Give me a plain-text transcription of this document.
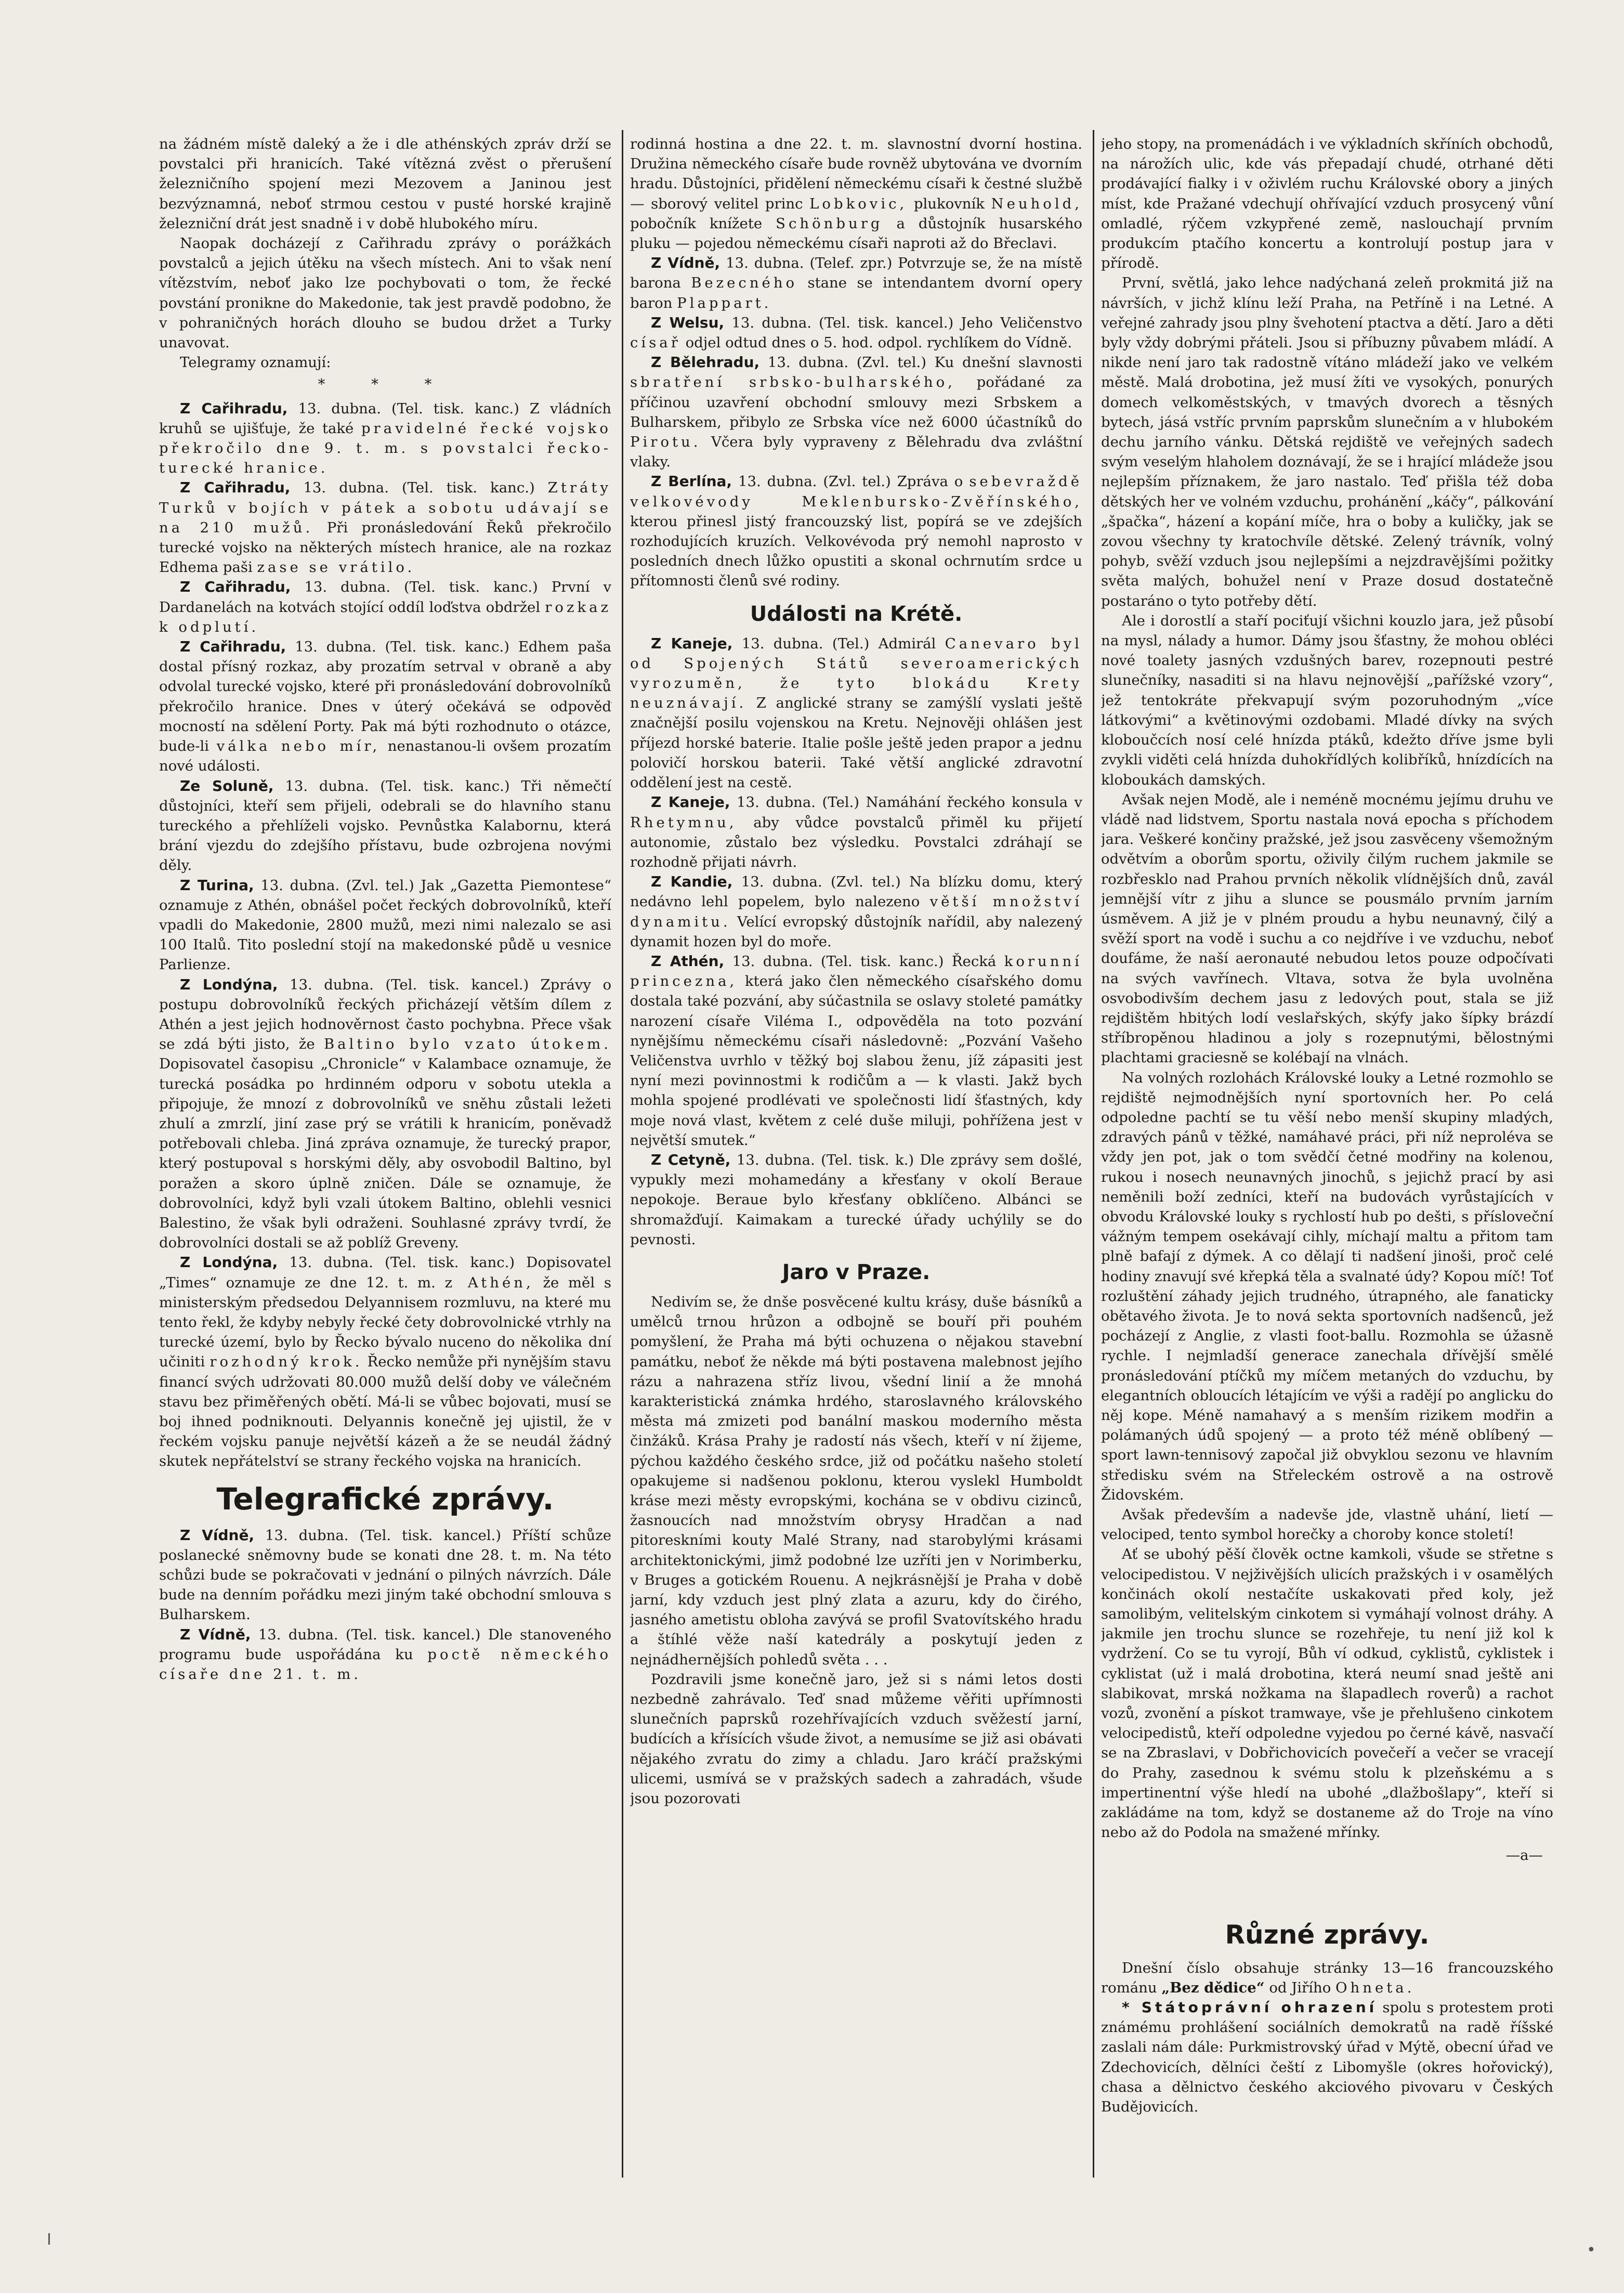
na žádném místě daleký a že i dle athénských zpráv drží se povstalci při hranicích. Také vítězná zvěst o přerušení železničního spojení mezi Mezovem a Janinou jest bezvýznamná, neboť strmou cestou v pusté horské krajině železniční drát jest snadně i v době hlubokého míru.

Naopak docházejí z Cařihradu zprávy o porážkách povstalců a jejich útěku na všech místech. Ani to však není vítězstvím, neboť jako lze pochybovati o tom, že řecké povstání pronikne do Makedonie, tak jest pravdě podobno, že v pohraničných horách dlouho se budou držet a Turky unavovat.

Telegramy oznamují:

* * *

Z Cařihradu, 13. dubna. (Tel. tisk. kanc.) Z vládních kruhů se ujišťuje, že také pravidelné řecké vojsko překročilo dne 9. t. m. s povstalci řecko-turecké hranice.

Z Cařihradu, 13. dubna. (Tel. tisk. kanc.) Ztráty Turků v bojích v pátek a sobotu udávají se na 210 mužů. Při pronásledování Řeků překročilo turecké vojsko na některých místech hranice, ale na rozkaz Edhema paši zase se vrátilo.

Z Cařihradu, 13. dubna. (Tel. tisk. kanc.) První v Dardanelách na kotvách stojící oddíl loďstva obdržel rozkaz k odplutí.

Z Cařihradu, 13. dubna. (Tel. tisk. kanc.) Edhem paša dostal přísný rozkaz, aby prozatím setrval v obraně a aby odvolal turecké vojsko, které při pronásledování dobrovolníků překročilo hranice. Dnes v úterý očekává se odpověď mocností na sdělení Porty. Pak má býti rozhodnuto o otázce, bude-li válka nebo mír, nenastanou-li ovšem prozatím nové události.

Ze Soluně, 13. dubna. (Tel. tisk. kanc.) Tři němečtí důstojníci, kteří sem přijeli, odebrali se do hlavního stanu tureckého a přehlíželi vojsko. Pevnůstka Kalabornu, která brání vjezdu do zdejšího přístavu, bude ozbrojena novými děly.

Z Turina, 13. dubna. (Zvl. tel.) Jak „Gazetta Piemontese“ oznamuje z Athén, obnášel počet řeckých dobrovolníků, kteří vpadli do Makedonie, 2800 mužů, mezi nimi nalezalo se asi 100 Italů. Tito poslední stojí na makedonské půdě u vesnice Parlienze.

Z Londýna, 13. dubna. (Tel. tisk. kancel.) Zprávy o postupu dobrovolníků řeckých přicházejí větším dílem z Athén a jest jejich hodnověrnost často pochybna. Přece však se zdá býti jisto, že Baltino bylo vzato útokem. Dopisovatel časopisu „Chronicle“ v Kalambace oznamuje, že turecká posádka po hrdinném odporu v sobotu utekla a připojuje, že mnozí z dobrovolníků ve sněhu zůstali ležeti zhulí a zmrzlí, jiní zase prý se vrátili k hranicím, poněvadž potřebovali chleba. Jiná zpráva oznamuje, že turecký prapor, který postupoval s horskými děly, aby osvobodil Baltino, byl poražen a skoro úplně zničen. Dále se oznamuje, že dobrovolníci, když byli vzali útokem Baltino, oblehli vesnici Balestino, že však byli odraženi. Souhlasné zprávy tvrdí, že dobrovolníci dostali se až poblíž Greveny.

Z Londýna, 13. dubna. (Tel. tisk. kanc.) Dopisovatel „Times“ oznamuje ze dne 12. t. m. z Athén, že měl s ministerským předsedou Delyannisem rozmluvu, na které mu tento řekl, že kdyby nebyly řecké čety dobrovolnické vtrhly na turecké území, bylo by Řecko bývalo nuceno do několika dní učiniti rozhodný krok. Řecko nemůže při nynějším stavu financí svých udržovati 80.000 mužů delší doby ve válečném stavu bez přiměřených obětí. Má-li se vůbec bojovati, musí se boj ihned podniknouti. Delyannis konečně jej ujistil, že v řeckém vojsku panuje největší kázeň a že se neudál žádný skutek nepřátelství se strany řeckého vojska na hranicích.

Telegrafické zprávy.

Z Vídně, 13. dubna. (Tel. tisk. kancel.) Příští schůze poslanecké sněmovny bude se konati dne 28. t. m. Na této schůzi bude se pokračovati v jednání o pilných návrzích. Dále bude na denním pořádku mezi jiným také obchodní smlouva s Bulharskem.

Z Vídně, 13. dubna. (Tel. tisk. kancel.) Dle stanoveného programu bude uspořádána ku poctě německého císaře dne 21. t. m.

rodinná hostina a dne 22. t. m. slavnostní dvorní hostina. Družina německého císaře bude rovněž ubytována ve dvorním hradu. Důstojníci, přidělení německému císaři k čestné službě — sborový velitel princ Lobkovic, plukovník Neuhold, pobočník knížete Schönburg a důstojník husarského pluku — pojedou německému císaři naproti až do Břeclavi.

Z Vídně, 13. dubna. (Telef. zpr.) Potvrzuje se, že na místě barona Bezecného stane se intendantem dvorní opery baron Plappart.

Z Welsu, 13. dubna. (Tel. tisk. kancel.) Jeho Veličenstvo císař odjel odtud dnes o 5. hod. odpol. rychlíkem do Vídně.

Z Bělehradu, 13. dubna. (Zvl. tel.) Ku dnešní slavnosti sbratření srbsko-bulharského, pořádané za příčinou uzavření obchodní smlouvy mezi Srbskem a Bulharskem, přibylo ze Srbska více než 6000 účastníků do Pirotu. Včera byly vypraveny z Bělehradu dva zvláštní vlaky.

Z Berlína, 13. dubna. (Zvl. tel.) Zpráva o sebevraždě velkovévody Meklenbursko-Zvěřínského, kterou přinesl jistý francouzský list, popírá se ve zdejších rozhodujících kruzích. Velkovévoda prý nemohl naprosto v posledních dnech lůžko opustiti a skonal ochrnutím srdce u přítomnosti členů své rodiny.

Události na Krétě.

Z Kaneje, 13. dubna. (Tel.) Admirál Canevaro byl od Spojených Států severoamerických vyrozuměn, že tyto blokádu Krety neuznávají. Z anglické strany se zamýšlí vyslati ještě značnější posilu vojenskou na Kretu. Nejnověji ohlášen jest příjezd horské baterie. Italie pošle ještě jeden prapor a jednu polovičí horskou baterii. Také větší anglické zdravotní oddělení jest na cestě.

Z Kaneje, 13. dubna. (Tel.) Namáhání řeckého konsula v Rhetymnu, aby vůdce povstalců přiměl ku přijetí autonomie, zůstalo bez výsledku. Povstalci zdráhají se rozhodně přijati návrh.

Z Kandie, 13. dubna. (Zvl. tel.) Na blízku domu, který nedávno lehl popelem, bylo nalezeno větší množství dynamitu. Velící evropský důstojník nařídil, aby nalezený dynamit hozen byl do moře.

Z Athén, 13. dubna. (Tel. tisk. kanc.) Řecká korunní princezna, která jako člen německého císařského domu dostala také pozvání, aby súčastnila se oslavy stoleté památky narození císaře Viléma I., odpověděla na toto pozvání nynějšímu německému císaři následovně: „Pozvání Vašeho Veličenstva uvrhlo v těžký boj slabou ženu, jíž zápasiti jest nyní mezi povinnostmi k rodičům a — k vlasti. Jakž bych mohla spojené prodlévati ve společnosti lidí šťastných, kdy moje nová vlast, květem z celé duše miluji, pohřížena jest v největší smutek.“

Z Cetyně, 13. dubna. (Tel. tisk. k.) Dle zprávy sem došlé, vypukly mezi mohamedány a křesťany v okolí Beraue nepokoje. Beraue bylo křesťany obklíčeno. Albánci se shromažďují. Kaimakam a turecké úřady uchýlily se do pevnosti.

Jaro v Praze.

Nedivím se, že dnše posvěcené kultu krásy, duše básníků a umělců trnou hrůzon a odbojně se bouří při pouhém pomyšlení, že Praha má býti ochuzena o nějakou stavební památku, neboť že někde má býti postavena malebnost jejího rázu a nahrazena stříz livou, všední linií a že mnohá karakteristická známka hrdého, staroslavného královského města má zmizeti pod banální maskou moderního města činžáků. Krása Prahy je radostí nás všech, kteří v ní žijeme, pýchou každého českého srdce, již od počátku našeho století opakujeme si nadšenou poklonu, kterou vyslekl Humboldt kráse mezi městy evropskými, kochána se v obdivu cizinců, žasnoucích nad množstvím obrysy Hradčan a nad pitoreskními kouty Malé Strany, nad starobylými krásami architektonickými, jimž podobné lze uzříti jen v Norimberku, v Bruges a gotickém Rouenu. A nejkrásnější je Praha v době jarní, kdy vzduch jest plný zlata a azuru, kdy do čirého, jasného ametistu obloha zavývá se profil Svatovítského hradu a štíhlé věže naší katedrály a poskytují jeden z nejnádhernějších pohledů světa . . .

Pozdravili jsme konečně jaro, jež si s námi letos dosti nezbedně zahrávalo. Teď snad můžeme věřiti upřímnosti slunečních paprsků rozehřívajících vzduch svěžestí jarní, budících a křísících všude život, a nemusíme se již asi obávati nějakého zvratu do zimy a chladu. Jaro kráčí pražskými ulicemi, usmívá se v pražských sadech a zahradách, všude jsou pozorovati

jeho stopy, na promenádách i ve výkladních skříních obchodů, na nárožích ulic, kde vás přepadají chudé, otrhané děti prodávající fialky i v oživlém ruchu Královské obory a jiných míst, kde Pražané vdechují ohřívající vzduch prosycený vůní omladlé, rýčem vzkypřené země, naslouchají prvním produkcím ptačího koncertu a kontrolují postup jara v přírodě.

První, světlá, jako lehce nadýchaná zeleň prokmitá již na návrších, v jichž klínu leží Praha, na Petříně i na Letné. A veřejné zahrady jsou plny švehotení ptactva a dětí. Jaro a děti byly vždy dobrými přáteli. Jsou si příbuzny půvabem mládí. A nikde není jaro tak radostně vítáno mládeží jako ve velkém městě. Malá drobotina, jež musí žíti ve vysokých, ponurých domech velkoměstských, v tmavých dvorech a těsných bytech, jásá vstříc prvním paprskům slunečním a v hlubokém dechu jarního vánku. Dětská rejdiště ve veřejných sadech svým veselým hlaholem doznávají, že se i hrající mládeže jsou nejlepším příznakem, že jaro nastalo. Teď přišla též doba dětských her ve volném vzduchu, prohánění „káčy“, pálkování „špačka“, házení a kopání míče, hra o boby a kuličky, jak se zovou všechny ty kratochvíle dětské. Zelený trávník, volný pohyb, svěží vzduch jsou nejlepšími a nejzdravějšími požitky světa malých, bohužel není v Praze dosud dostatečně postaráno o tyto potřeby dětí.

Ale i dorostlí a staří pociťují všichni kouzlo jara, jež působí na mysl, nálady a humor. Dámy jsou šťastny, že mohou obléci nové toalety jasných vzdušných barev, rozepnouti pestré slunečníky, nasaditi si na hlavu nejnovější „pařížské vzory“, jež tentokráte překvapují svým pozoruhodným „více látkovými“ a květinovými ozdobami. Mladé dívky na svých kloboučcích nosí celé hnízda ptáků, kdežto dříve jsme byli zvykli viděti celá hnízda duhokřídlých kolibříků, hnízdících na kloboukách damských.

Avšak nejen Modě, ale i neméně mocnému jejímu druhu ve vládě nad lidstvem, Sportu nastala nová epocha s příchodem jara. Veškeré končiny pražské, jež jsou zasvěceny všemožným odvětvím a oborům sportu, oživily čilým ruchem jakmile se rozbřesklo nad Prahou prvních několik vlídnějších dnů, zavál jemnější vítr z jihu a slunce se pousmálo prvním jarním úsměvem. A již je v plném proudu a hybu neunavný, čilý a svěží sport na vodě i suchu a co nejdříve i ve vzduchu, neboť doufáme, že naší aeronauté nebudou letos pouze odpočívati na svých vavřínech. Vltava, sotva že byla uvolněna osvobodivším dechem jasu z ledových pout, stala se již rejdištěm hbitých lodí veslařských, skýfy jako šípky brázdí stříbropěnou hladinou a joly s rozepnutými, bělostnými plachtami graciesně se kolébají na vlnách.

Na volných rozlohách Královské louky a Letné rozmohlo se rejdiště nejmodnějších nyní sportovních her. Po celá odpoledne pachtí se tu věší nebo menší skupiny mladých, zdravých pánů v těžké, namáhavé práci, při níž neproléva se vždy jen pot, jak o tom svědčí četné modřiny na kolenou, rukou i nosech neunavných jinochů, s jejichž prací by asi neměnili boží zedníci, kteří na budovách vyrůstajících v obvodu Královské louky s rychlostí hub po dešti, s přísloveční vážným tempem osekávají cihly, míchají maltu a přitom tam plně bafají z dýmek. A co dělají ti nadšení jinoši, proč celé hodiny znavují své křepká těla a svalnaté údy? Kopou míč! Toť rozluštění záhady jejich trudného, útrapného, ale fanaticky obětavého života. Je to nová sekta sportovních nadšenců, jež pocházejí z Anglie, z vlasti foot-ballu. Rozmohla se úžasně rychle. I nejmladší generace zanechala dřívější smělé pronásledování ptíčků my míčem metaných do vzduchu, by elegantních obloucích létajícím ve výši a radějí po anglicku do něj kope. Méně namahavý a s menším rizikem modřin a polámaných údů spojený — a proto též méně oblíbený — sport lawn-tennisový započal již obvyklou sezonu ve hlavním středisku svém na Střeleckém ostrově a na ostrově Židovském.

Avšak především a nadevše jde, vlastně uhání, lietí — velociped, tento symbol horečky a choroby konce století!

Ať se ubohý pěší člověk octne kamkoli, všude se střetne s velocipedistou. V nejživějších ulicích pražských i v osamělých končinách okolí nestačíte uskakovati před koly, jež samolibým, velitelským cinkotem si vymáhají volnost dráhy. A jakmile jen trochu slunce se rozehřeje, tu není již kol k vydržení. Co se tu vyrojí, Bůh ví odkud, cyklistů, cyklistek i cyklistat (už i malá drobotina, která neumí snad ještě ani slabikovat, mrská nožkama na šlapadlech roverů) a rachot vozů, zvonění a pískot tramwaye, vše je přehlušeno cinkotem velocipedistů, kteří odpoledne vyjedou po černé kávě, nasvačí se na Zbraslavi, v Dobřichovicích povečeří a večer se vracejí do Prahy, zasednou k svému stolu k plzeňskému a s impertinentní výše hledí na ubohé „dlažbošlapy“, kteří si zakládáme na tom, když se dostaneme až do Troje na víno nebo až do Podola na smažené mřínky.

—a—

Různé zprávy.

Dnešní číslo obsahuje stránky 13—16 francouzského románu „Bez dědice“ od Jiřího Ohneta.

* Státoprávní ohrazení spolu s protestem proti známému prohlášení sociálních demokratů na radě říšské zaslali nám dále: Purkmistrovský úřad v Mýtě, obecní úřad ve Zdechovicích, dělníci čeští z Libomyšle (okres hořovický), chasa a dělnictvo českého akciového pivovaru v Českých Budějovicích.

I
•
